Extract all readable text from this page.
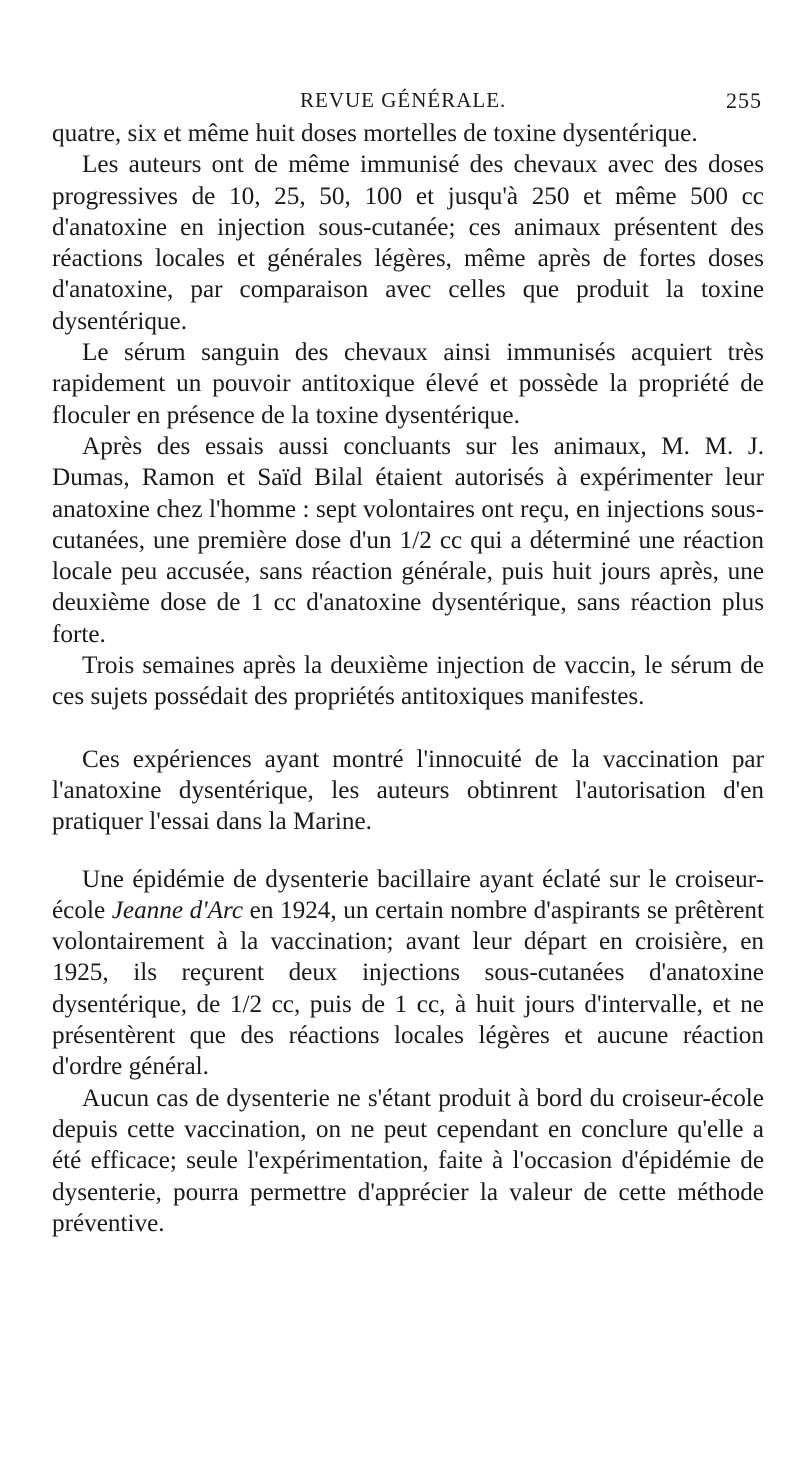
REVUE GÉNÉRALE.	255

quatre, six et même huit doses mortelles de toxine dysentérique.

Les auteurs ont de même immunisé des chevaux avec des doses progressives de 10, 25, 50, 100 et jusqu'à 250 et même 500 cc d'anatoxine en injection sous-cutanée; ces animaux présentent des réactions locales et générales légères, même après de fortes doses d'anatoxine, par comparaison avec celles que produit la toxine dysentérique.

Le sérum sanguin des chevaux ainsi immunisés acquiert très rapidement un pouvoir antitoxique élevé et possède la propriété de floculer en présence de la toxine dysentérique.

Après des essais aussi concluants sur les animaux, M. M. J. Dumas, Ramon et Saïd Bilal étaient autorisés à expérimenter leur anatoxine chez l'homme : sept volontaires ont reçu, en injections sous-cutanées, une première dose d'un 1/2 cc qui a déterminé une réaction locale peu accusée, sans réaction générale, puis huit jours après, une deuxième dose de 1 cc d'anatoxine dysentérique, sans réaction plus forte.

Trois semaines après la deuxième injection de vaccin, le sérum de ces sujets possédait des propriétés antitoxiques manifestes.

Ces expériences ayant montré l'innocuité de la vaccination par l'anatoxine dysentérique, les auteurs obtinrent l'autorisation d'en pratiquer l'essai dans la Marine.

Une épidémie de dysenterie bacillaire ayant éclaté sur le croiseur-école Jeanne d'Arc en 1924, un certain nombre d'aspirants se prêtèrent volontairement à la vaccination; avant leur départ en croisière, en 1925, ils reçurent deux injections sous-cutanées d'anatoxine dysentérique, de 1/2 cc, puis de 1 cc, à huit jours d'intervalle, et ne présentèrent que des réactions locales légères et aucune réaction d'ordre général.

Aucun cas de dysenterie ne s'étant produit à bord du croiseur-école depuis cette vaccination, on ne peut cependant en conclure qu'elle a été efficace; seule l'expérimentation, faite à l'occasion d'épidémie de dysenterie, pourra permettre d'apprécier la valeur de cette méthode préventive.
